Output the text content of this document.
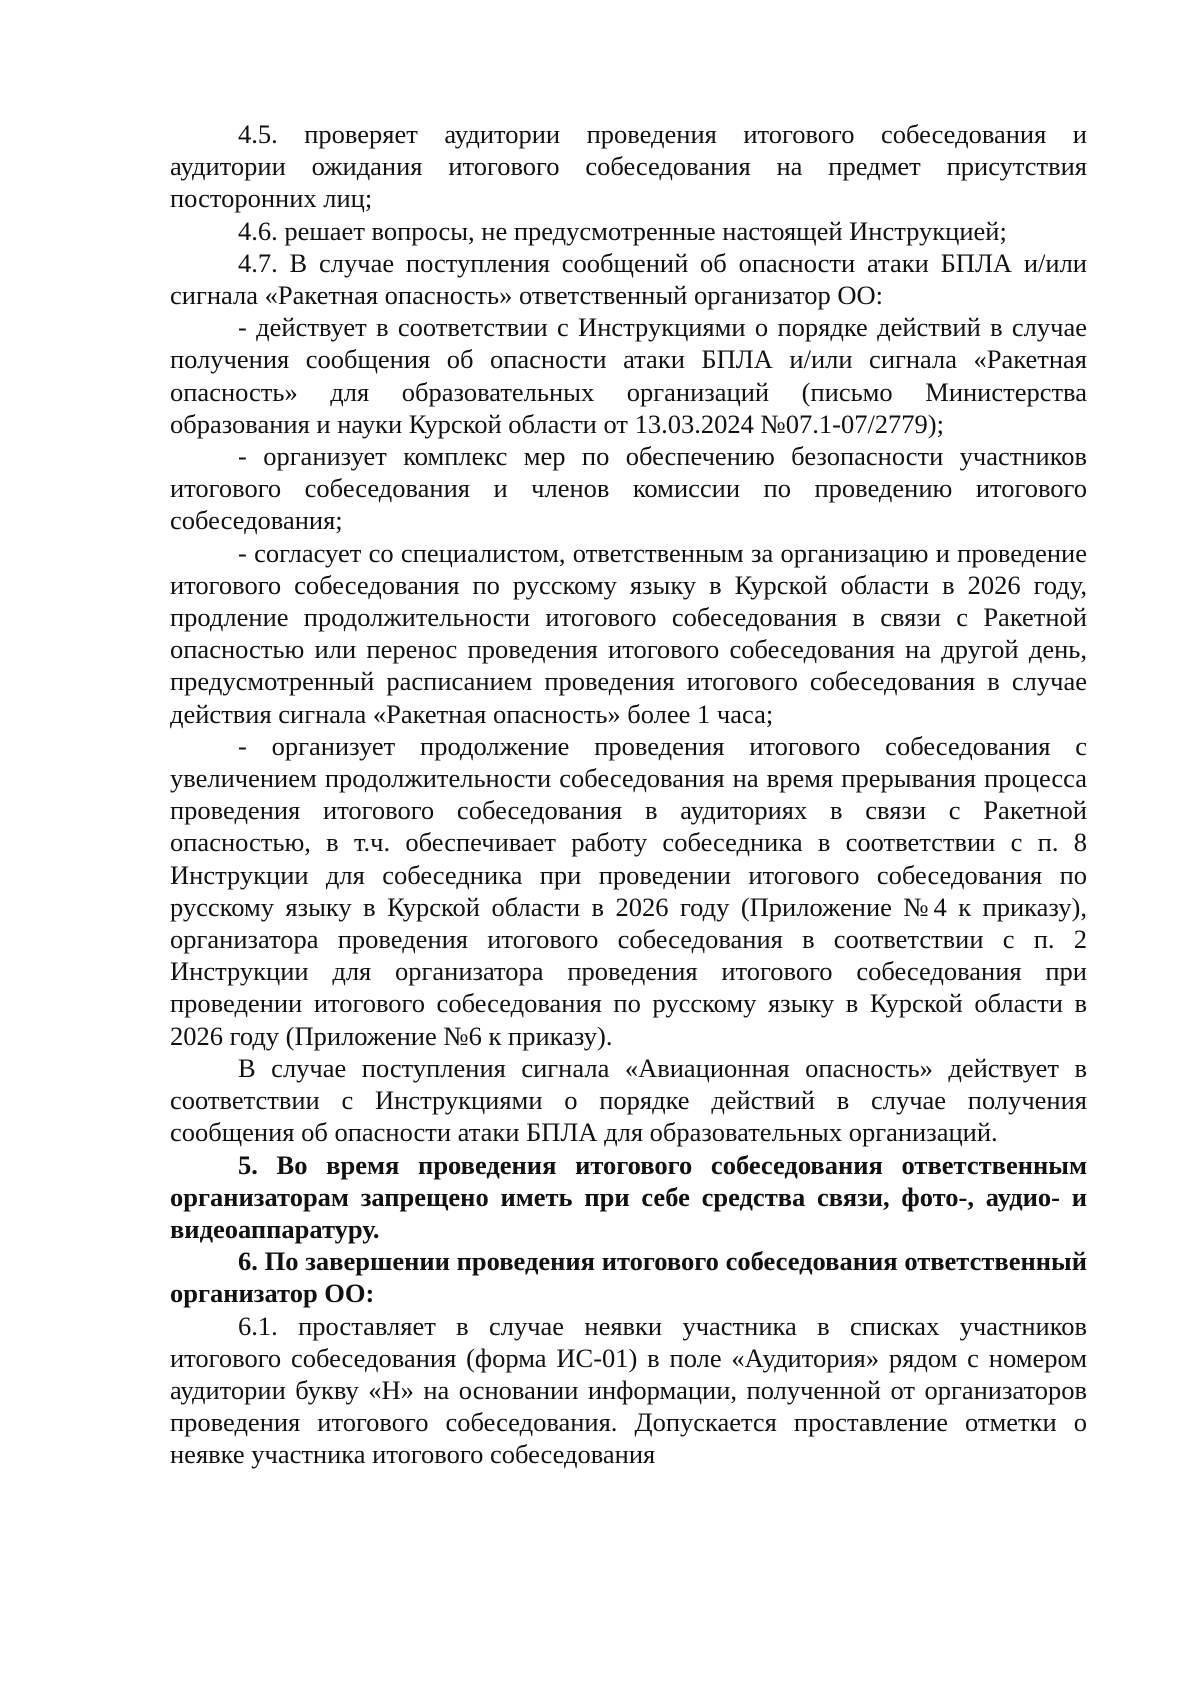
4.5. проверяет аудитории проведения итогового собеседования и аудитории ожидания итогового собеседования на предмет присутствия посторонних лиц;

4.6. решает вопросы, не предусмотренные настоящей Инструкцией;

4.7. В случае поступления сообщений об опасности атаки БПЛА и/или сигнала «Ракетная опасность» ответственный организатор ОО:

- действует в соответствии с Инструкциями о порядке действий в случае получения сообщения об опасности атаки БПЛА и/или сигнала «Ракетная опасность» для образовательных организаций (письмо Министерства образования и науки Курской области от 13.03.2024 №07.1-07/2779);

- организует комплекс мер по обеспечению безопасности участников итогового собеседования и членов комиссии по проведению итогового собеседования;

- согласует со специалистом, ответственным за организацию и проведение итогового собеседования по русскому языку в Курской области в 2026 году, продление продолжительности итогового собеседования в связи с Ракетной опасностью или перенос проведения итогового собеседования на другой день, предусмотренный расписанием проведения итогового собеседования в случае действия сигнала «Ракетная опасность» более 1 часа;

- организует продолжение проведения итогового собеседования с увеличением продолжительности собеседования на время прерывания процесса проведения итогового собеседования в аудиториях в связи с Ракетной опасностью, в т.ч. обеспечивает работу собеседника в соответствии с п. 8 Инструкции для собеседника при проведении итогового собеседования по русскому языку в Курской области в 2026 году (Приложение №4 к приказу), организатора проведения итогового собеседования в соответствии с п. 2 Инструкции для организатора проведения итогового собеседования при проведении итогового собеседования по русскому языку в Курской области в 2026 году (Приложение №6 к приказу).

В случае поступления сигнала «Авиационная опасность» действует в соответствии с Инструкциями о порядке действий в случае получения сообщения об опасности атаки БПЛА для образовательных организаций.

5. Во время проведения итогового собеседования ответственным организаторам запрещено иметь при себе средства связи, фото-, аудио- и видеоаппаратуру.

6. По завершении проведения итогового собеседования ответственный организатор ОО:

6.1. проставляет в случае неявки участника в списках участников итогового собеседования (форма ИС-01) в поле «Аудитория» рядом с номером аудитории букву «Н» на основании информации, полученной от организаторов проведения итогового собеседования. Допускается проставление отметки о неявке участника итогового собеседования
